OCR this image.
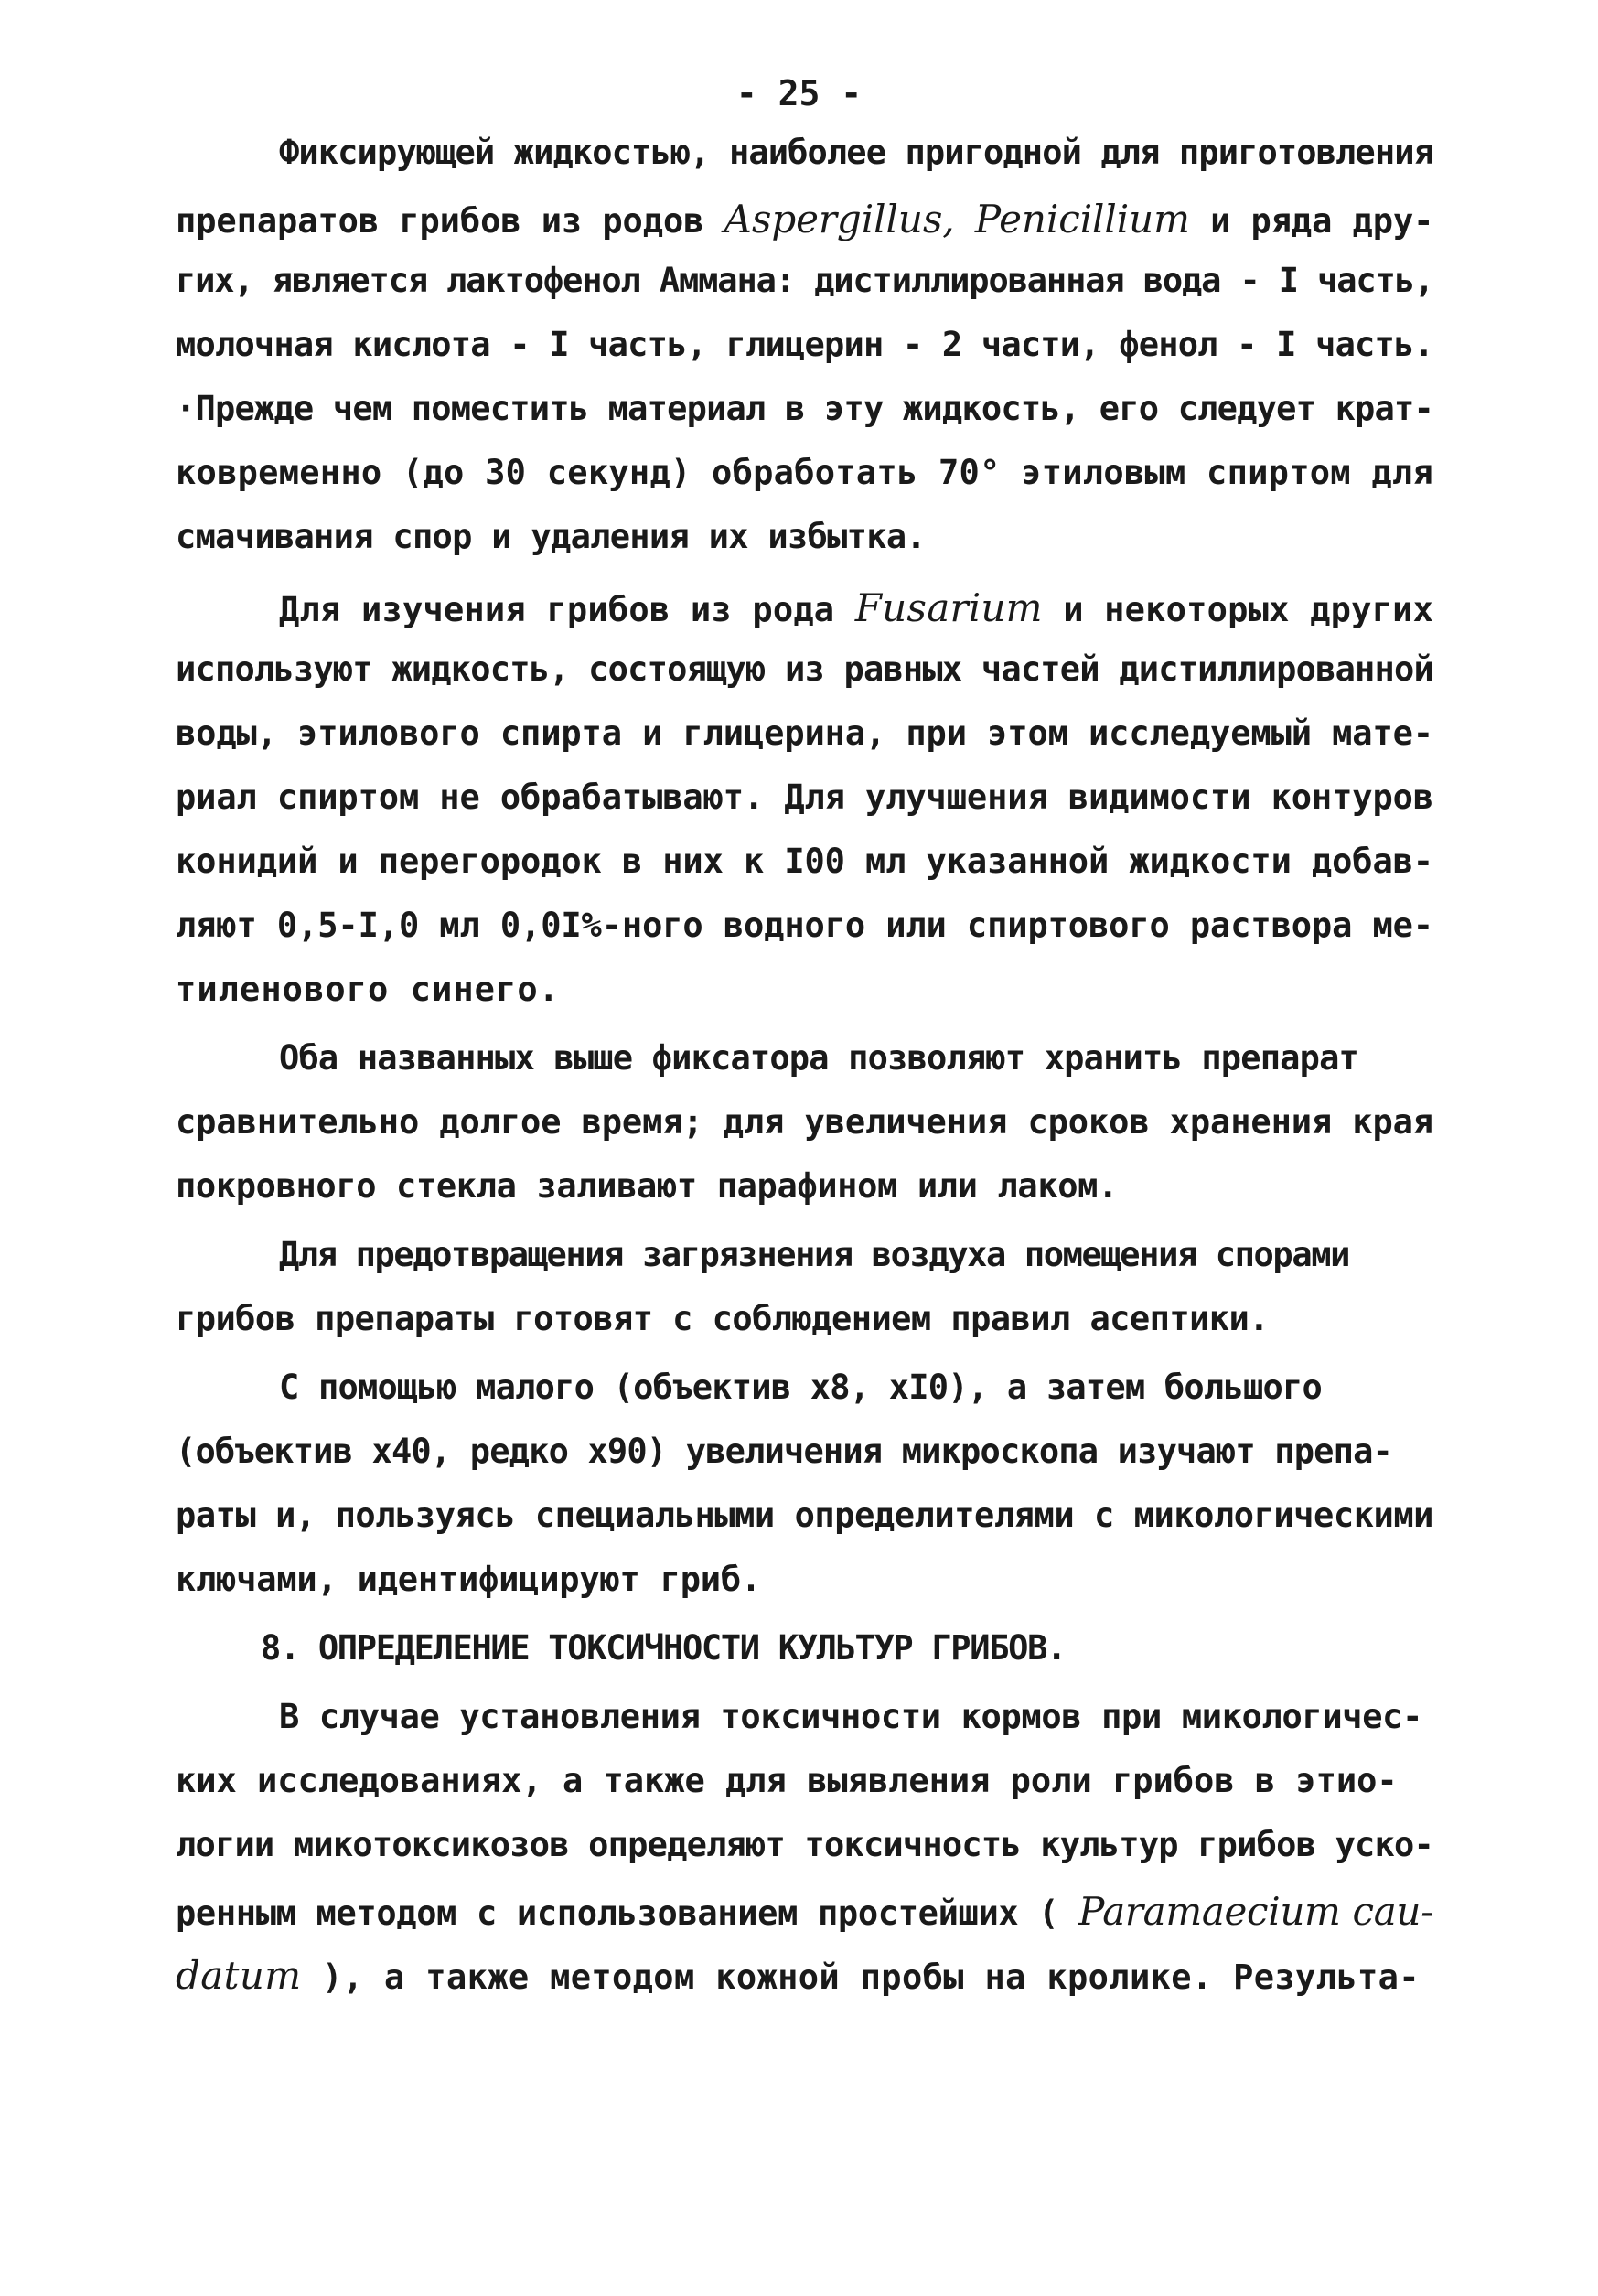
- 25 -
Фиксирующей жидкостью, наиболее пригодной для приготовления
препаратов грибов из родов Aspergillus, Penicillium и ряда дру-
гих, является лактофенол Аммана: дистиллированная вода - I часть,
молочная кислота - I часть, глицерин - 2 части, фенол - I часть.
·Прежде чем поместить материал в эту жидкость, его следует крат-
ковременно (до 30 секунд) обработать 70° этиловым спиртом для
смачивания спор и удаления их избытка.
Для изучения грибов из рода Fusarium и некоторых других
используют жидкость, состоящую из равных частей дистиллированной
воды, этилового спирта и глицерина, при этом исследуемый мате-
риал спиртом не обрабатывают. Для улучшения видимости контуров
конидий и перегородок в них к I00 мл указанной жидкости добав-
ляют 0,5-I,0 мл 0,0I%-ного водного или спиртового раствора ме-
тиленового синего.
Оба названных выше фиксатора позволяют хранить препарат
сравнительно долгое время; для увеличения сроков хранения края
покровного стекла заливают парафином или лаком.
Для предотвращения загрязнения воздуха помещения спорами
грибов препараты готовят с соблюдением правил асептики.
С помощью малого (объектив x8, xI0), а затем большого
(объектив x40, редко x90) увеличения микроскопа изучают препа-
раты и, пользуясь специальными определителями с микологическими
ключами, идентифицируют гриб.
8. ОПРЕДЕЛЕНИЕ ТОКСИЧНОСТИ КУЛЬТУР ГРИБОВ.
В случае установления токсичности кормов при микологичес-
ких исследованиях, а также для выявления роли грибов в этио-
логии микотоксикозов определяют токсичность культур грибов уско-
ренным методом с использованием простейших ( Paramaecium cau-
datum ), а также методом кожной пробы на кролике. Результа-
